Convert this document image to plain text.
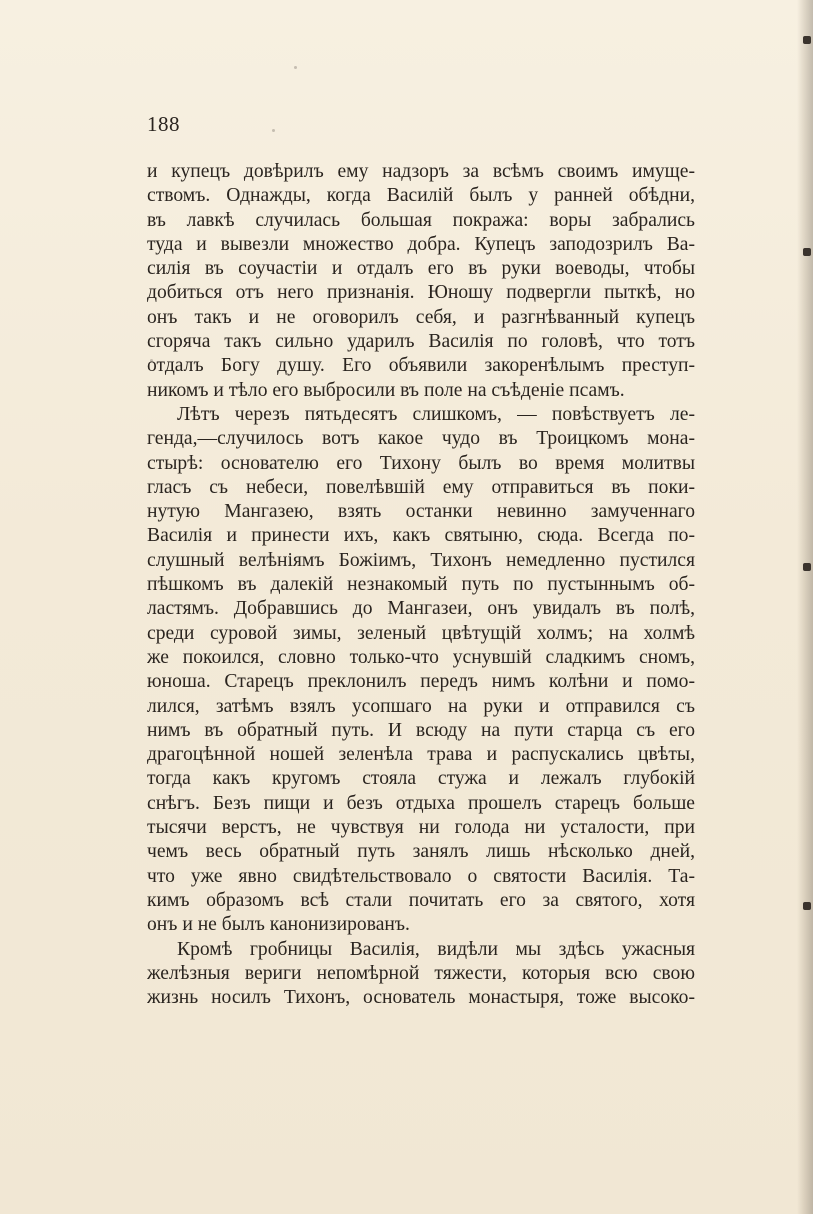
188
и купецъ довѣрилъ ему надзоръ за всѣмъ своимъ имуще-
ствомъ. Однажды, когда Василій былъ у ранней обѣдни,
въ лавкѣ случилась большая покража: воры забрались
туда и вывезли множество добра. Купецъ заподозрилъ Ва-
силія въ соучастіи и отдалъ его въ руки воеводы, чтобы
добиться отъ него признанія. Юношу подвергли пыткѣ, но
онъ такъ и не оговорилъ себя, и разгнѣванный купецъ
сгоряча такъ сильно ударилъ Василія по головѣ, что тотъ
отдалъ Богу душу. Его объявили закоренѣлымъ преступ-
никомъ и тѣло его выбросили въ поле на съѣденіе псамъ.
Лѣтъ черезъ пятьдесятъ слишкомъ, — повѣствуетъ ле-
генда,—случилось вотъ какое чудо въ Троицкомъ мона-
стырѣ: основателю его Тихону былъ во время молитвы
гласъ съ небеси, повелѣвшій ему отправиться въ поки-
нутую Мангазею, взять останки невинно замученнаго
Василія и принести ихъ, какъ святыню, сюда. Всегда по-
слушный велѣніямъ Божіимъ, Тихонъ немедленно пустился
пѣшкомъ въ далекій незнакомый путь по пустыннымъ об-
ластямъ. Добравшись до Мангазеи, онъ увидалъ въ полѣ,
среди суровой зимы, зеленый цвѣтущій холмъ; на холмѣ
же покоился, словно только-что уснувшій сладкимъ сномъ,
юноша. Старецъ преклонилъ передъ нимъ колѣни и помо-
лился, затѣмъ взялъ усопшаго на руки и отправился съ
нимъ въ обратный путь. И всюду на пути старца съ его
драгоцѣнной ношей зеленѣла трава и распускались цвѣты,
тогда какъ кругомъ стояла стужа и лежалъ глубокій
снѣгъ. Безъ пищи и безъ отдыха прошелъ старецъ больше
тысячи верстъ, не чувствуя ни голода ни усталости, при
чемъ весь обратный путь занялъ лишь нѣсколько дней,
что уже явно свидѣтельствовало о святости Василія. Та-
кимъ образомъ всѣ стали почитать его за святого, хотя
онъ и не былъ канонизированъ.
Кромѣ гробницы Василія, видѣли мы здѣсь ужасныя
желѣзныя вериги непомѣрной тяжести, которыя всю свою
жизнь носилъ Тихонъ, основатель монастыря, тоже высоко-
